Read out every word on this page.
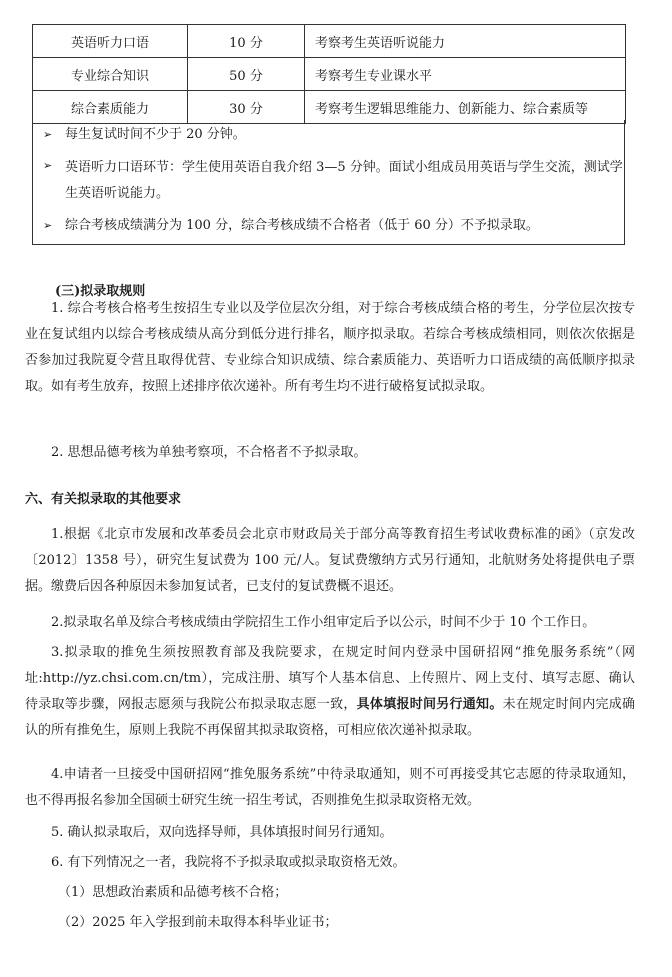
英语听力口语	10 分	考察考生英语听说能力
专业综合知识	50 分	考察考生专业课水平
综合素质能力	30 分	考察考生逻辑思维能力、创新能力、综合素质等
➢ 每生复试时间不少于 20 分钟。
➢ 英语听力口语环节：学生使用英语自我介绍 3—5 分钟。面试小组成员用英语与学生交流，测试学生英语听说能力。
➢ 综合考核成绩满分为 100 分，综合考核成绩不合格者（低于 60 分）不予拟录取。
(三)拟录取规则
1. 综合考核合格考生按招生专业以及学位层次分组，对于综合考核成绩合格的考生，分学位层次按专业在复试组内以综合考核成绩从高分到低分进行排名，顺序拟录取。若综合考核成绩相同，则依次依据是否参加过我院夏令营且取得优营、专业综合知识成绩、综合素质能力、英语听力口语成绩的高低顺序拟录取。如有考生放弃，按照上述排序依次递补。所有考生均不进行破格复试拟录取。
2. 思想品德考核为单独考察项，不合格者不予拟录取。
六、有关拟录取的其他要求
1.根据《北京市发展和改革委员会北京市财政局关于部分高等教育招生考试收费标准的函》（京发改〔2012〕1358 号），研究生复试费为 100 元/人。复试费缴纳方式另行通知，北航财务处将提供电子票据。缴费后因各种原因未参加复试者，已支付的复试费概不退还。
2.拟录取名单及综合考核成绩由学院招生工作小组审定后予以公示，时间不少于 10 个工作日。
3.拟录取的推免生须按照教育部及我院要求，在规定时间内登录中国研招网“推免服务系统”（网址:http://yz.chsi.com.cn/tm），完成注册、填写个人基本信息、上传照片、网上支付、填写志愿、确认待录取等步骤，网报志愿须与我院公布拟录取志愿一致，具体填报时间另行通知。未在规定时间内完成确认的所有推免生，原则上我院不再保留其拟录取资格，可相应依次递补拟录取。
4.申请者一旦接受中国研招网“推免服务系统”中待录取通知，则不可再接受其它志愿的待录取通知，也不得再报名参加全国硕士研究生统一招生考试，否则推免生拟录取资格无效。
5. 确认拟录取后，双向选择导师，具体填报时间另行通知。
6. 有下列情况之一者，我院将不予拟录取或拟录取资格无效。
（1）思想政治素质和品德考核不合格；
（2）2025 年入学报到前未取得本科毕业证书；
